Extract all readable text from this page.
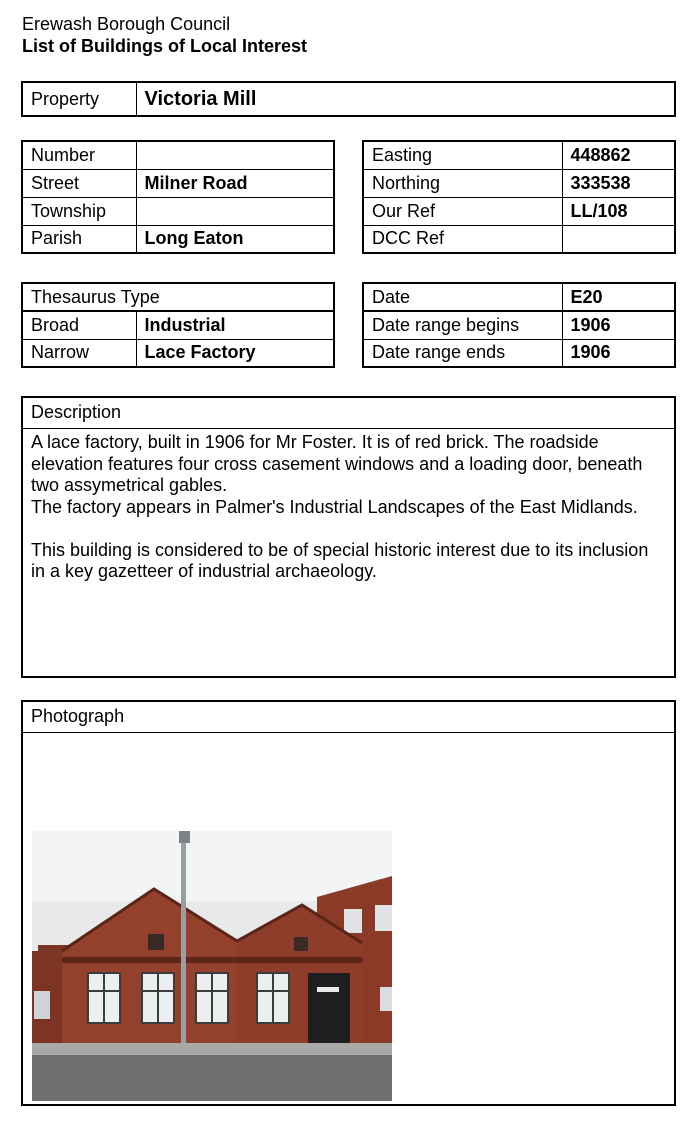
Erewash Borough Council
List of Buildings of Local Interest
Property	Victoria Mill
Number	
Street	Milner Road
Township	
Parish	Long Eaton
Easting	448862
Northing	333538
Our Ref	LL/108
DCC Ref	
Thesaurus Type	
Broad	Industrial
Narrow	Lace Factory
Date	E20
Date range begins	1906
Date range ends	1906
Description

A lace factory, built in 1906 for Mr Foster. It is of red brick. The roadside elevation features four cross casement windows and a loading door, beneath two assymetrical gables.

The factory appears in Palmer's Industrial Landscapes of the East Midlands.

This building is considered to be of special historic interest due to its inclusion in a key gazetteer of industrial archaeology.

Photograph
